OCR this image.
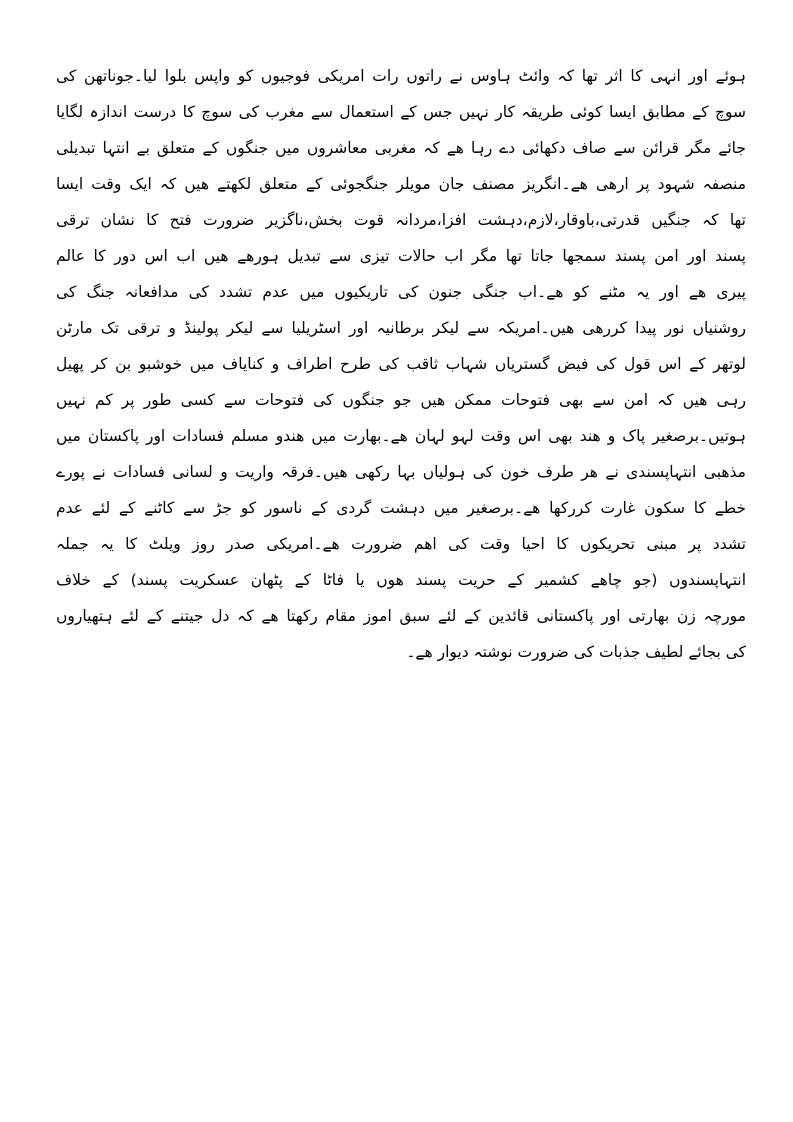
ہوئے اور انہی کا اثر تھا کہ وائٹ ہاوس نے راتوں رات امریکی فوجیوں کو واپس بلوا لیا۔جوناتھن کی
سوچ کے مطابق ایسا کوئی طریقہ کار نہیں جس کے استعمال سے مغرب کی سوچ کا درست اندازہ لگایا
جائے مگر قرائن سے صاف دکھائی دے رہا ھے کہ مغربی معاشروں میں جنگوں کے متعلق بے انتہا تبدیلی
منصفہ شہود پر ارھی ھے۔انگریز مصنف جان مویلر جنگجوئی کے متعلق لکھتے ھیں کہ ایک وقت ایسا
تھا کہ جنگیں قدرتی،باوقار،لازم،دہشت افزا،مردانہ قوت بخش،ناگزیر ضرورت فتح کا نشان ترقی
پسند اور امن پسند سمجھا جاتا تھا مگر اب حالات تیزی سے تبدیل ہورھے ھیں اب اس دور کا عالم
پیری ھے اور یہ مٹنے کو ھے۔اب جنگی جنون کی تاریکیوں میں عدم تشدد کی مدافعانہ جنگ کی
روشنیاں نور پیدا کررھی ھیں۔امریکہ سے لیکر برطانیہ اور اسٹریلیا سے لیکر پولینڈ و ترقی تک مارٹن
لوتھر کے اس قول کی فیض گستریاں شہاب ثاقب کی طرح اطراف و کنایاف میں خوشبو بن کر پھیل
رہی ھیں کہ امن سے بھی فتوحات ممکن ھیں جو جنگوں کی فتوحات سے کسی طور پر کم نہیں
ہوتیں۔برصغیر پاک و ھند بھی اس وقت لہو لہان ھے۔بھارت میں ھندو مسلم فسادات اور پاکستان میں
مذھبی انتہاپسندی نے ھر طرف خون کی ہولیاں بہا رکھی ھیں۔فرقہ واریت و لسانی فسادات نے پورے
خطے کا سکون غارت کررکھا ھے۔برصغیر میں دہشت گردی کے ناسور کو جڑ سے کاٹنے کے لئے عدم
تشدد پر مبنی تحریکوں کا احیا وقت کی اھم ضرورت ھے۔امریکی صدر روز ویلٹ کا یہ جملہ
انتہاپسندوں (جو چاھے کشمیر کے حریت پسند ھوں یا فاٹا کے پٹھان عسکریت پسند) کے خلاف
مورچہ زن بھارتی اور پاکستانی قائدین کے لئے سبق اموز مقام رکھتا ھے کہ دل جیتنے کے لئے ہتھیاروں
کی بجائے لطیف جذبات کی ضرورت نوشتہ دیوار ھے۔
